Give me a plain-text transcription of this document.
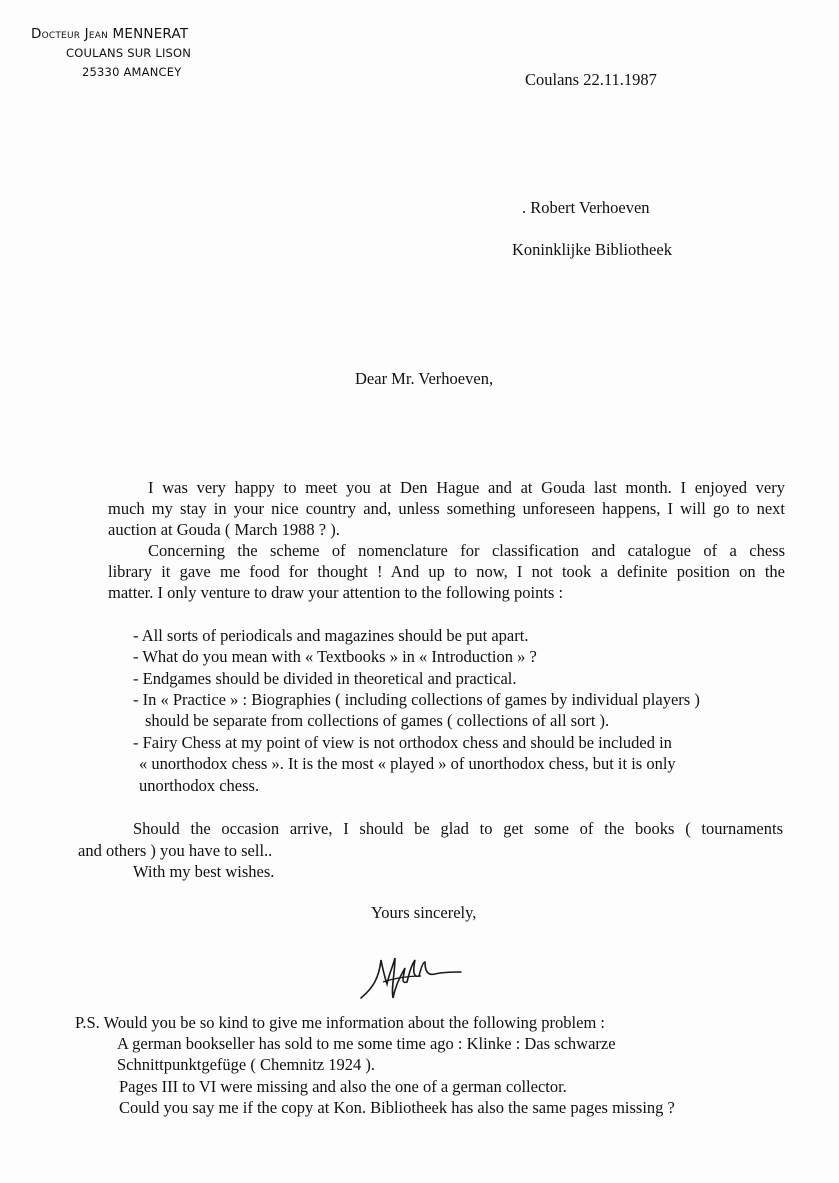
Docteur Jean MENNERAT
COULANS SUR LISON
25330 AMANCEY	Coulans 22.11.1987
. Robert Verhoeven
Koninklijke Bibliotheek
Dear Mr. Verhoeven,
I was very happy to meet you at Den Hague and at Gouda last month. I enjoyed very
much my stay in your nice country and, unless something unforeseen happens, I will go to next
auction at Gouda ( March 1988 ? ).
Concerning the scheme of nomenclature for classification and catalogue of a chess
library it gave me food for thought ! And up to now, I not took a definite position on the
matter. I only venture to draw your attention to the following points :
- All sorts of periodicals and magazines should be put apart.
- What do you mean with « Textbooks » in « Introduction » ?
- Endgames should be divided in theoretical and practical.
- In « Practice » : Biographies ( including collections of games by individual players )
should be separate from collections of games ( collections of all sort ).
- Fairy Chess at my point of view is not orthodox chess and should be included in
« unorthodox chess ». It is the most « played » of unorthodox chess, but it is only
unorthodox chess.
Should the occasion arrive, I should be glad to get some of the books ( tournaments
and others ) you have to sell..
With my best wishes.
Yours sincerely,
P.S. Would you be so kind to give me information about the following problem :
A german bookseller has sold to me some time ago : Klinke : Das schwarze
Schnittpunktgefüge ( Chemnitz 1924 ).
Pages III to VI were missing and also the one of a german collector.
Could you say me if the copy at Kon. Bibliotheek has also the same pages missing ?
